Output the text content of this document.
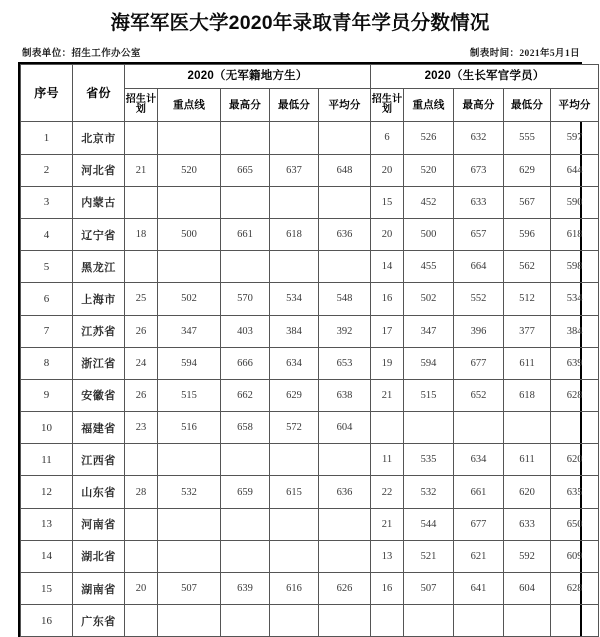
海军军医大学2020年录取青年学员分数情况
制表单位：招生工作办公室	制表时间：2021年5月1日
序号	省份	2020（无军籍地方生）					2020（生长军官学员）				
		招生计划	重点线	最高分	最低分	平均分	招生计划	重点线	最高分	最低分	平均分
1	北京市						6	526	632	555	597
2	河北省	21	520	665	637	648	20	520	673	629	644
3	内蒙古						15	452	633	567	590
4	辽宁省	18	500	661	618	636	20	500	657	596	618
5	黑龙江						14	455	664	562	598
6	上海市	25	502	570	534	548	16	502	552	512	534
7	江苏省	26	347	403	384	392	17	347	396	377	384
8	浙江省	24	594	666	634	653	19	594	677	611	639
9	安徽省	26	515	662	629	638	21	515	652	618	628
10	福建省	23	516	658	572	604					
11	江西省						11	535	634	611	620
12	山东省	28	532	659	615	636	22	532	661	620	635
13	河南省						21	544	677	633	650
14	湖北省						13	521	621	592	609
15	湖南省	20	507	639	616	626	16	507	641	604	628
16	广东省										
